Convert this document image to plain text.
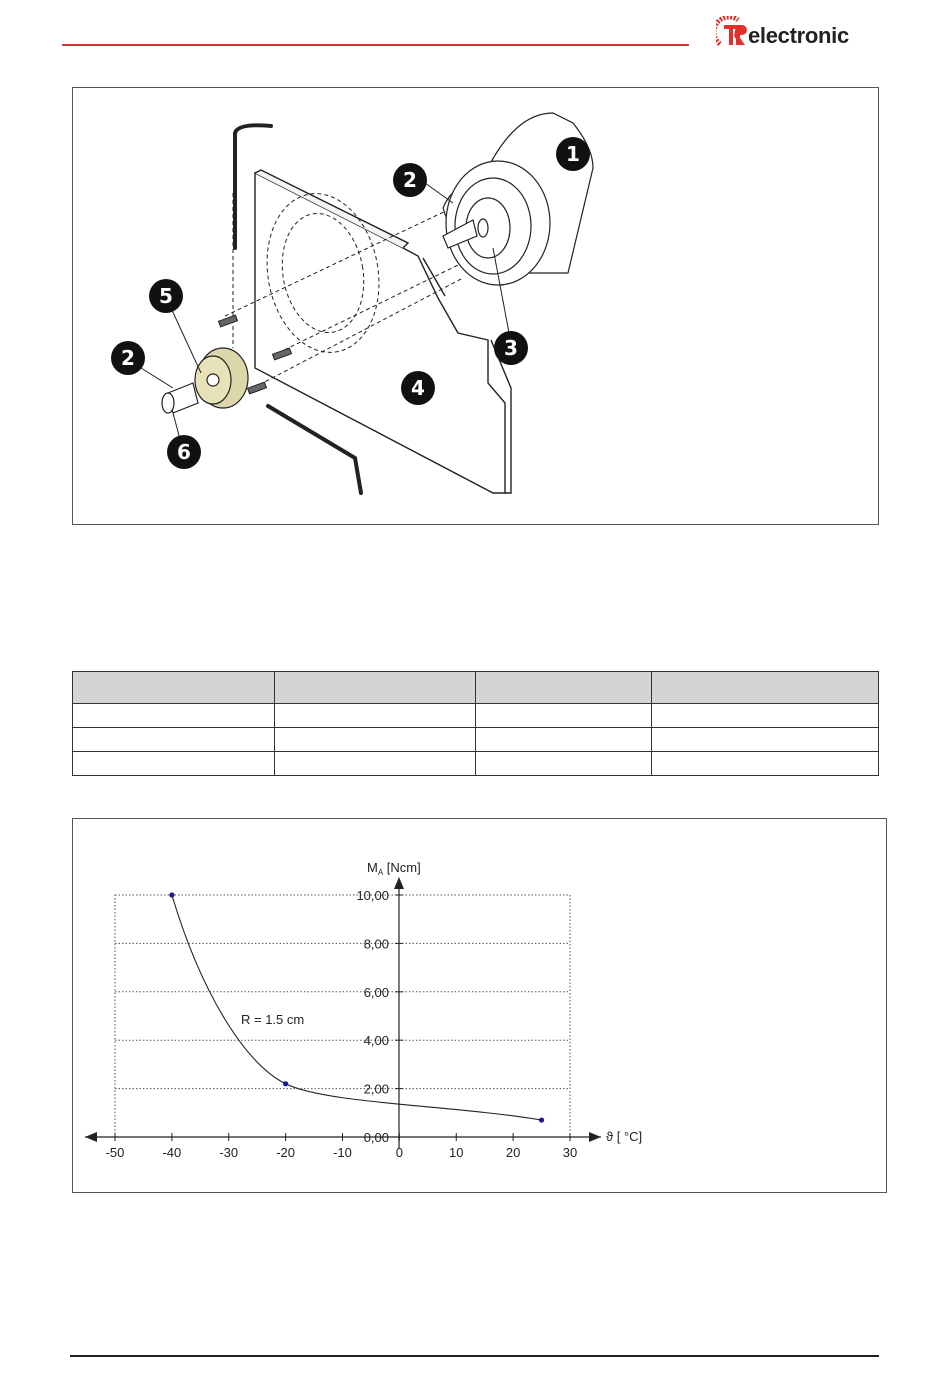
electronic
1
2
3
4
5
6
2

$M_A$ [Ncm]
ϑ [ °C]
R = 1.5 cm
0,00
2,00
4,00
6,00
8,00
10,00
-50	-40	-30	-20	-10	0	10	20	30
